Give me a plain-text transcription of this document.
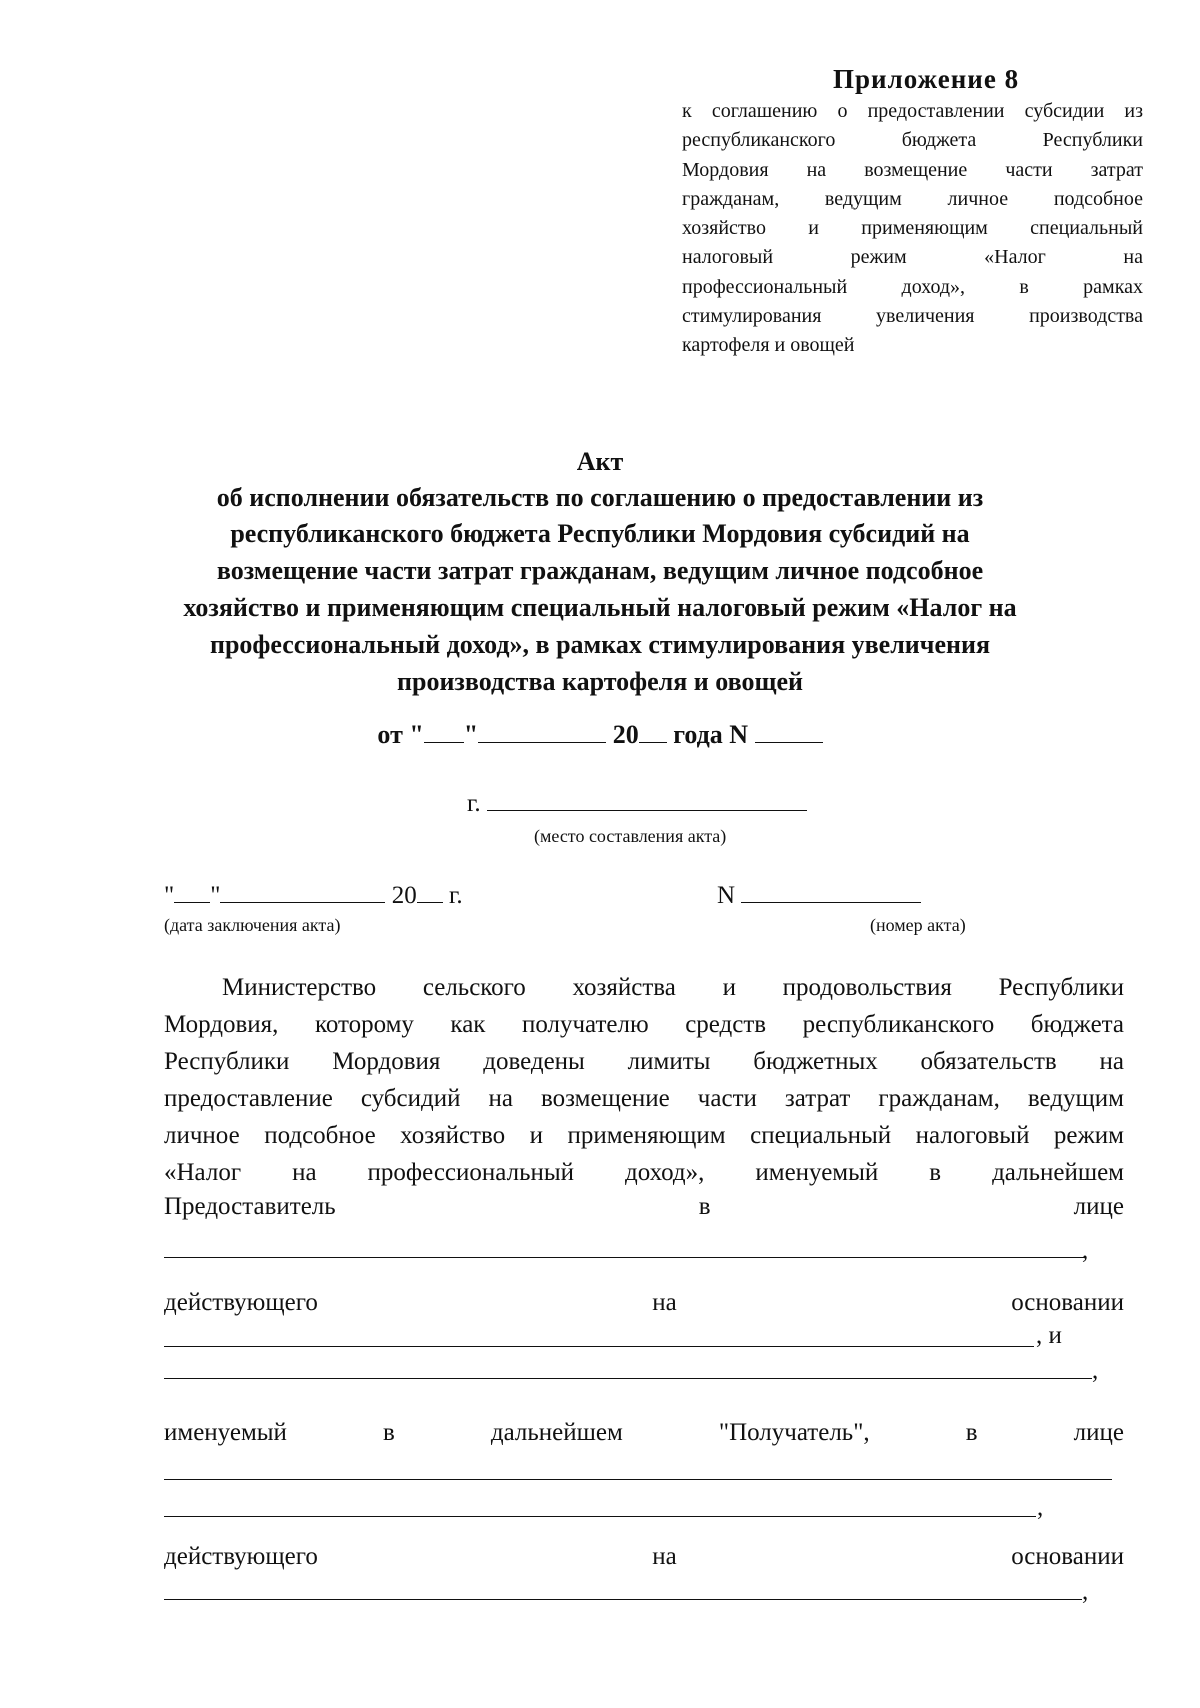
Приложение 8
к соглашению о предоставлении субсидии из
республиканского бюджета Республики
Мордовия на возмещение части затрат
гражданам, ведущим личное подсобное
хозяйство и применяющим специальный
налоговый режим «Налог на
профессиональный доход», в рамках
стимулирования увеличения производства
картофеля и овощей
Акт
об исполнении обязательств по соглашению о предоставлении из
республиканского бюджета Республики Мордовия субсидий на
возмещение части затрат гражданам, ведущим личное подсобное
хозяйство и применяющим специальный налоговый режим «Налог на
профессиональный доход», в рамках стимулирования увеличения
производства картофеля и овощей
от " "	20 года N
г.
(место составления акта)
" "	20 г.
(дата заключения акта)
N
(номер акта)
Министерство сельского хозяйства и продовольствия Республики
Мордовия, которому как получателю средств республиканского бюджета
Республики Мордовия доведены лимиты бюджетных обязательств на
предоставление субсидий на возмещение части затрат гражданам, ведущим
личное подсобное хозяйство и применяющим специальный налоговый режим
«Налог на профессиональный доход», именуемый в дальнейшем
Предоставитель	в	лице
,
действующего	на	основании
, и
,
именуемый	в	дальнейшем	"Получатель",	в	лице
,
действующего	на	основании
,
